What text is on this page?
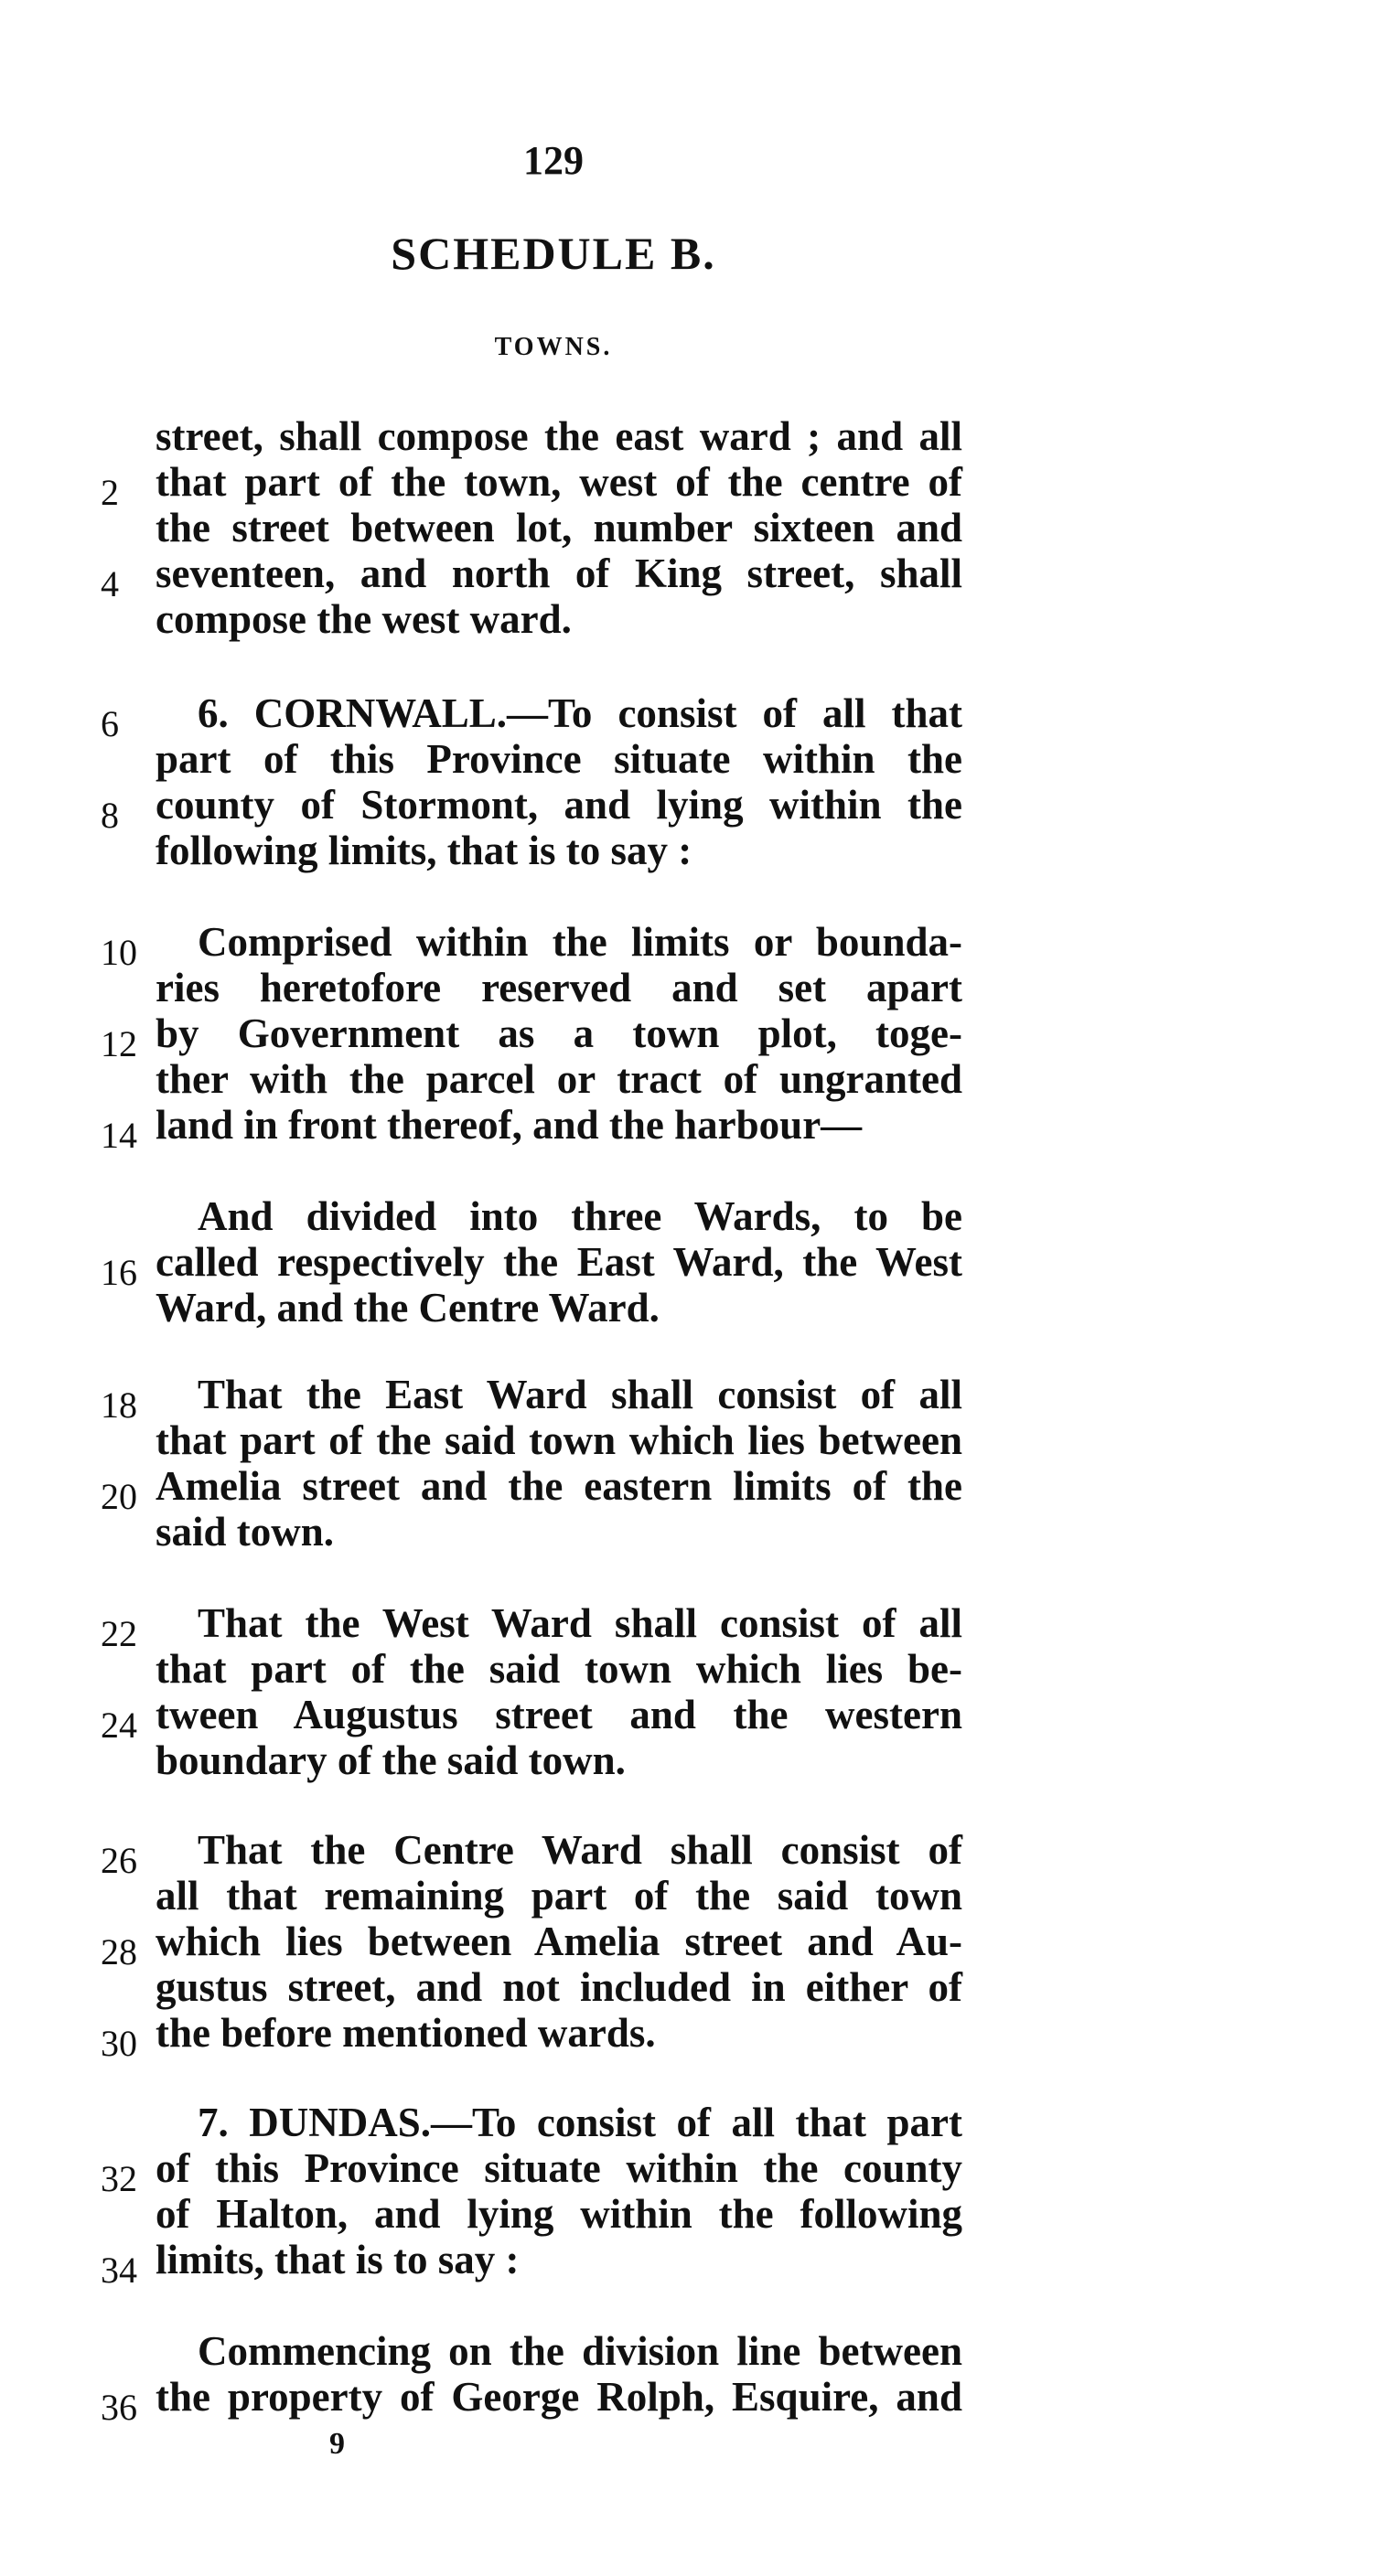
129
SCHEDULE B.
TOWNS.
street, shall compose the east ward ; and all
2 that part of the town, west of the centre of
the street between lot, number sixteen and
4 seventeen, and north of King street, shall
compose the west ward.
6	6. CORNWALL.—To consist of all that
part of this Province situate within the
8 county of Stormont, and lying within the
following limits, that is to say :
10	Comprised within the limits or bounda-
ries heretofore reserved and set apart
12 by Government as a town plot, toge-
ther with the parcel or tract of ungranted
14 land in front thereof, and the harbour—
And divided into three Wards, to be
16 called respectively the East Ward, the West
Ward, and the Centre Ward.
18	That the East Ward shall consist of all
that part of the said town which lies between
20 Amelia street and the eastern limits of the
said town.
22	That the West Ward shall consist of all
that part of the said town which lies be-
24 tween Augustus street and the western
boundary of the said town.
26	That the Centre Ward shall consist of
all that remaining part of the said town
28 which lies between Amelia street and Au-
gustus street, and not included in either of
30 the before mentioned wards.
7. DUNDAS.—To consist of all that part
32 of this Province situate within the county
of Halton, and lying within the following
34 limits, that is to say :
Commencing on the division line between
36 the property of George Rolph, Esquire, and
9
